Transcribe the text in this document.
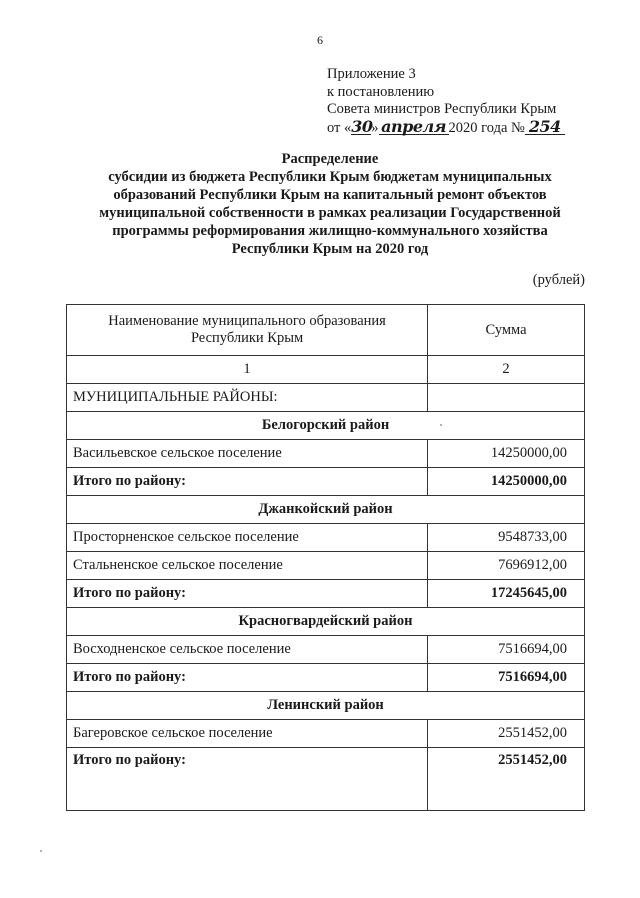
6
Приложение 3
к постановлению
Совета министров Республики Крым
от «30» апреля 2020 года № 254
Распределение
субсидии из бюджета Республики Крым бюджетам муниципальных
образований Республики Крым на капитальный ремонт объектов
муниципальной собственности в рамках реализации Государственной
программы реформирования жилищно-коммунального хозяйства
Республики Крым на 2020 год
(рублей)
Наименование муниципального образования
Республики Крым	Сумма
1	2
МУНИЦИПАЛЬНЫЕ РАЙОНЫ:	
Белогорский район	
Васильевское сельское поселение	14250000,00
Итого по району:	14250000,00
Джанкойский район	
Просторненское сельское поселение	9548733,00
Стальненское сельское поселение	7696912,00
Итого по району:	17245645,00
Красногвардейский район	
Восходненское сельское поселение	7516694,00
Итого по району:	7516694,00
Ленинский район	
Багеровское сельское поселение	2551452,00
Итого по району:	2551452,00
